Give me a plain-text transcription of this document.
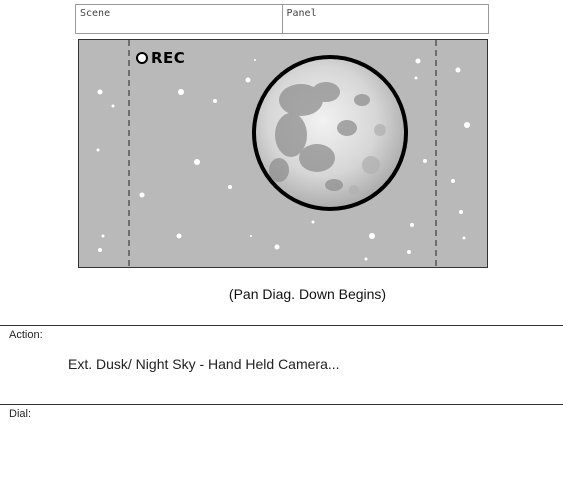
Scene	Panel
REC
(Pan Diag. Down Begins)
Action:
Ext. Dusk/ Night Sky - Hand Held Camera...
Dial:
